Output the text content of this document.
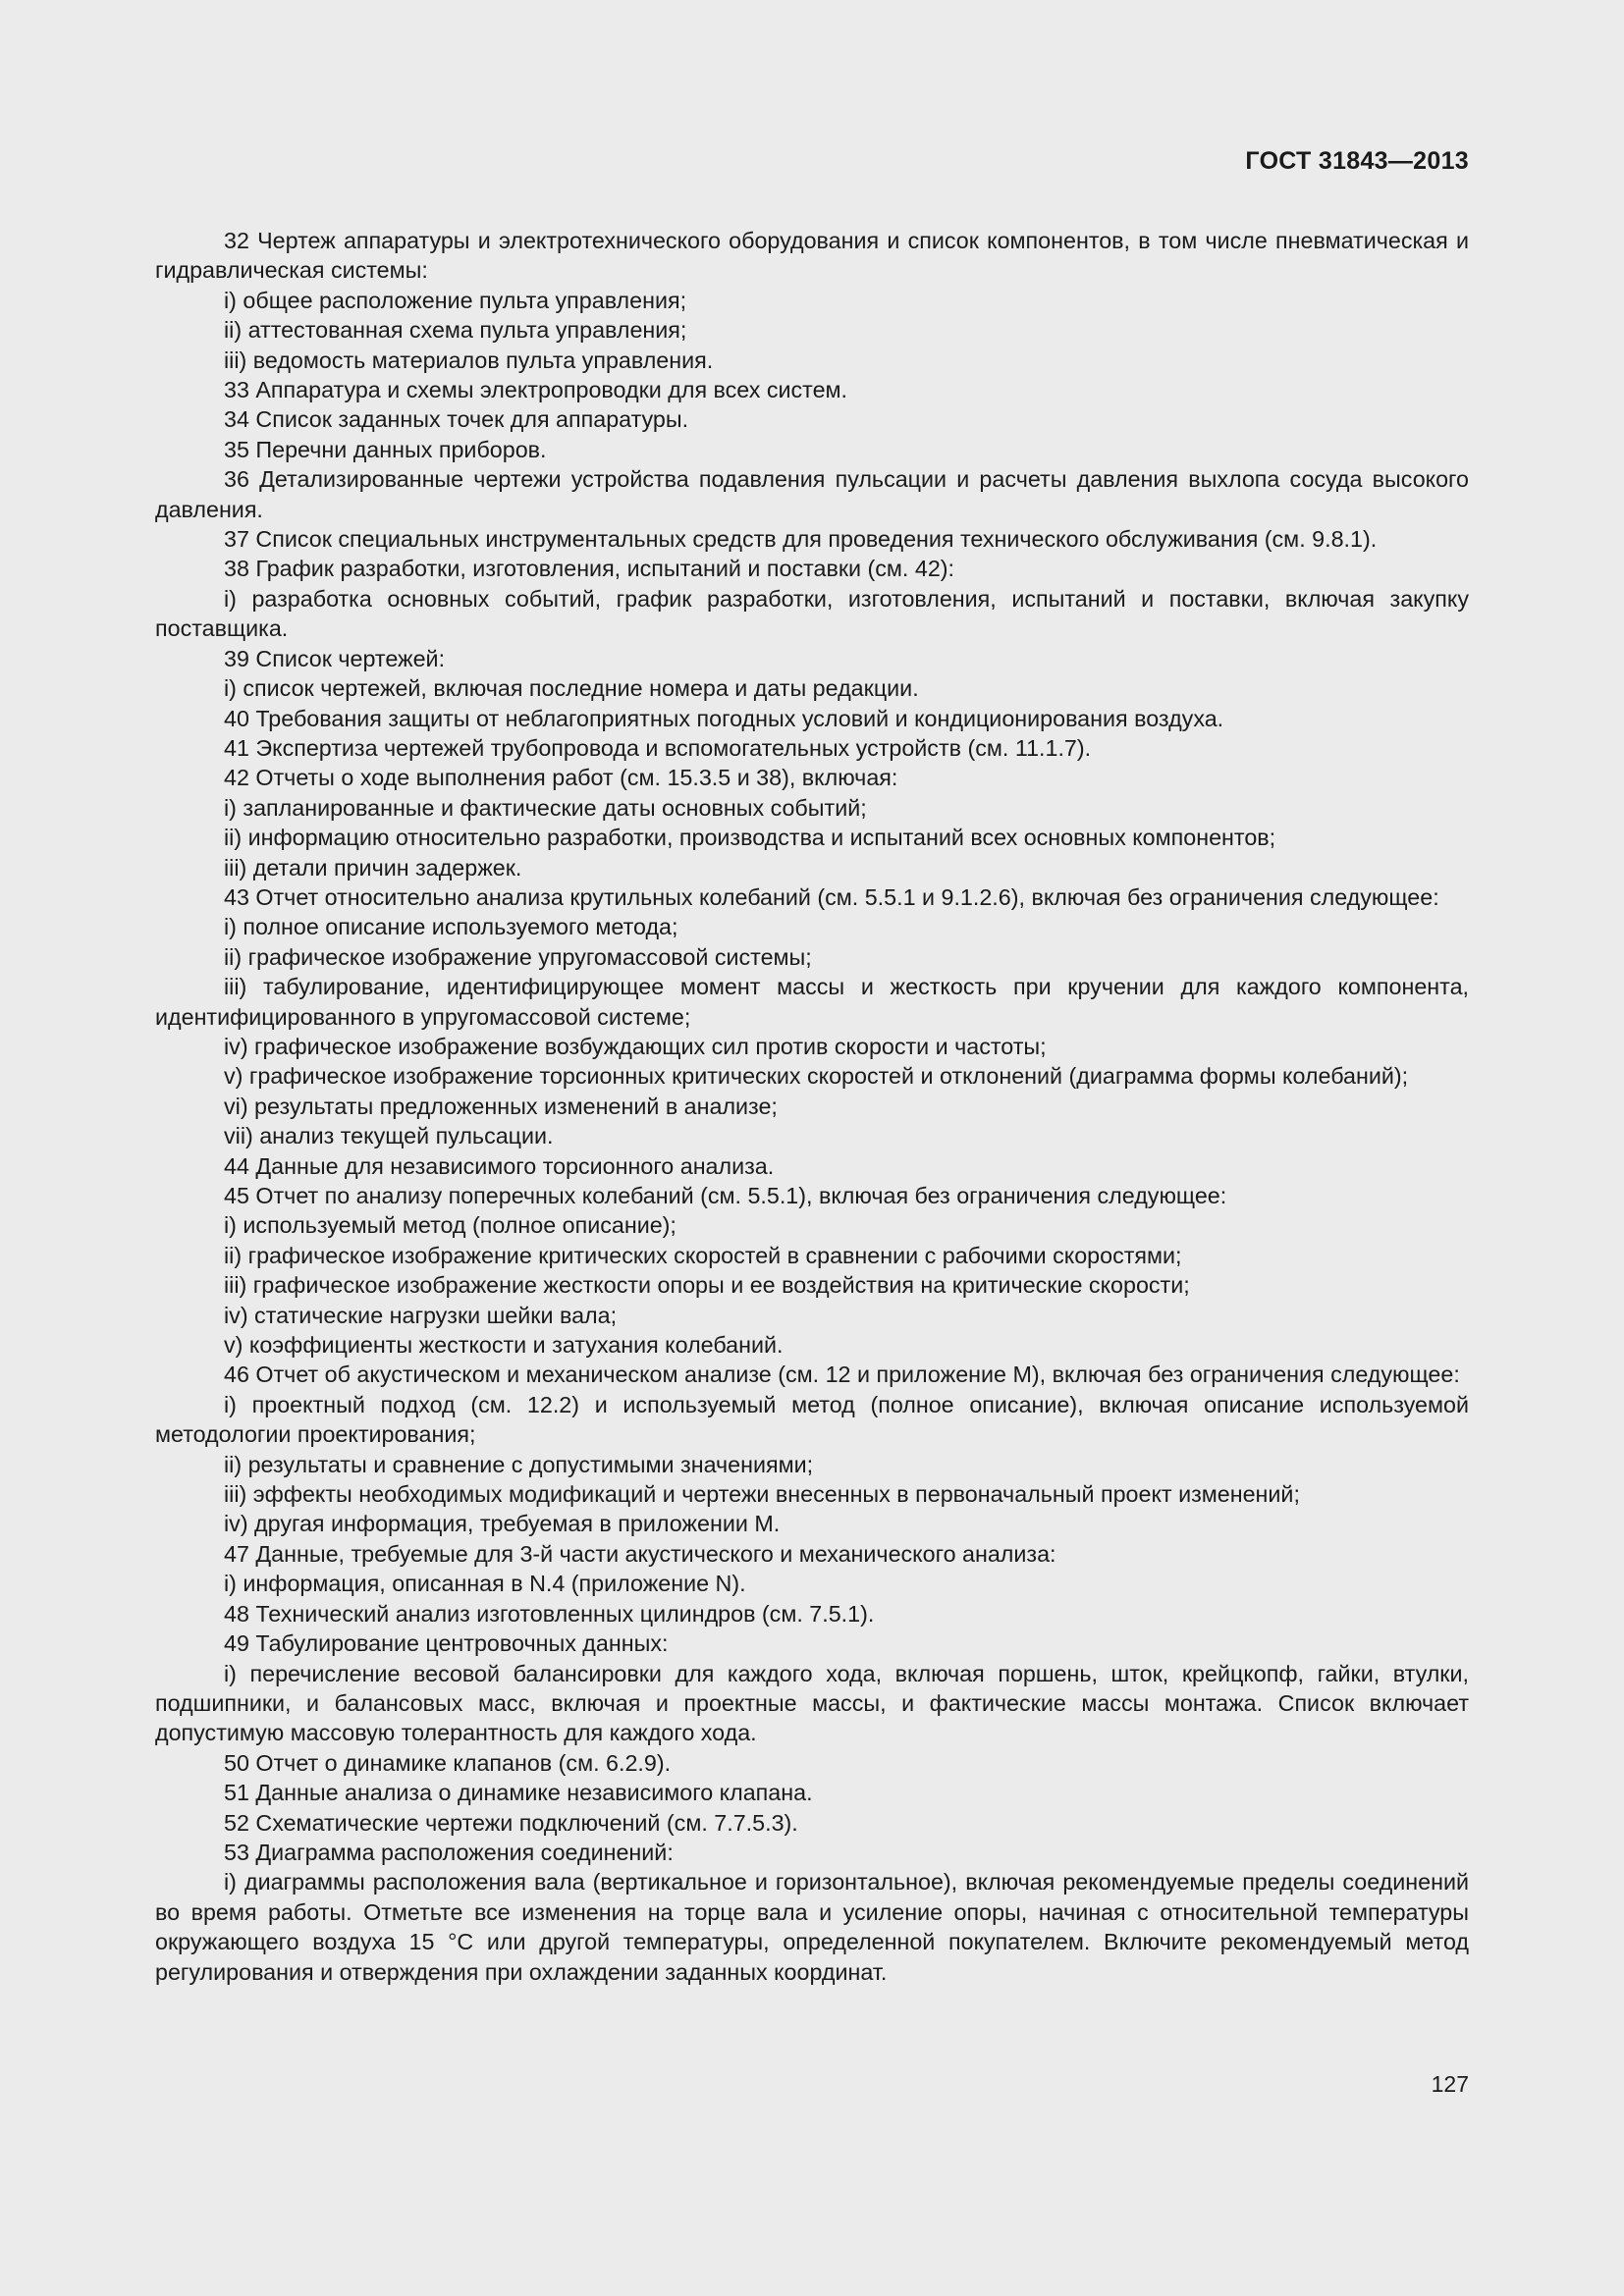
ГОСТ 31843—2013

32 Чертеж аппаратуры и электротехнического оборудования и список компонентов, в том числе пневматическая и гидравлическая системы:

i) общее расположение пульта управления;

ii) аттестованная схема пульта управления;

iii) ведомость материалов пульта управления.

33 Аппаратура и схемы электропроводки для всех систем.

34 Список заданных точек для аппаратуры.

35 Перечни данных приборов.

36 Детализированные чертежи устройства подавления пульсации и расчеты давления выхлопа сосуда высокого давления.

37 Список специальных инструментальных средств для проведения технического обслуживания (см. 9.8.1).

38 График разработки, изготовления, испытаний и поставки (см. 42):

i) разработка основных событий, график разработки, изготовления, испытаний и поставки, включая закупку поставщика.

39 Список чертежей:

i) список чертежей, включая последние номера и даты редакции.

40 Требования защиты от неблагоприятных погодных условий и кондиционирования воздуха.

41 Экспертиза чертежей трубопровода и вспомогательных устройств (см. 11.1.7).

42 Отчеты о ходе выполнения работ (см. 15.3.5 и 38), включая:

i) запланированные и фактические даты основных событий;

ii) информацию относительно разработки, производства и испытаний всех основных компонентов;

iii) детали причин задержек.

43 Отчет относительно анализа крутильных колебаний (см. 5.5.1 и 9.1.2.6), включая без ограничения следующее:

i) полное описание используемого метода;

ii) графическое изображение упругомассовой системы;

iii) табулирование, идентифицирующее момент массы и жесткость при кручении для каждого компонента, идентифицированного в упругомассовой системе;

iv) графическое изображение возбуждающих сил против скорости и частоты;

v) графическое изображение торсионных критических скоростей и отклонений (диаграмма формы колебаний);

vi) результаты предложенных изменений в анализе;

vii) анализ текущей пульсации.

44 Данные для независимого торсионного анализа.

45 Отчет по анализу поперечных колебаний (см. 5.5.1), включая без ограничения следующее:

i) используемый метод (полное описание);

ii) графическое изображение критических скоростей в сравнении с рабочими скоростями;

iii) графическое изображение жесткости опоры и ее воздействия на критические скорости;

iv) статические нагрузки шейки вала;

v) коэффициенты жесткости и затухания колебаний.

46 Отчет об акустическом и механическом анализе (см. 12 и приложение M), включая без ограничения следующее:

i) проектный подход (см. 12.2) и используемый метод (полное описание), включая описание используемой методологии проектирования;

ii) результаты и сравнение с допустимыми значениями;

iii) эффекты необходимых модификаций и чертежи внесенных в первоначальный проект изменений;

iv) другая информация, требуемая в приложении M.

47 Данные, требуемые для 3-й части акустического и механического анализа:

i) информация, описанная в N.4 (приложение N).

48 Технический анализ изготовленных цилиндров (см. 7.5.1).

49 Табулирование центровочных данных:

i) перечисление весовой балансировки для каждого хода, включая поршень, шток, крейцкопф, гайки, втулки, подшипники, и балансовых масс, включая и проектные массы, и фактические массы монтажа. Список включает допустимую массовую толерантность для каждого хода.

50 Отчет о динамике клапанов (см. 6.2.9).

51 Данные анализа о динамике независимого клапана.

52 Схематические чертежи подключений (см. 7.7.5.3).

53 Диаграмма расположения соединений:

i) диаграммы расположения вала (вертикальное и горизонтальное), включая рекомендуемые пределы соединений во время работы. Отметьте все изменения на торце вала и усиление опоры, начиная с относительной температуры окружающего воздуха 15 °C или другой температуры, определенной покупателем. Включите рекомендуемый метод регулирования и отверждения при охлаждении заданных координат.

127
